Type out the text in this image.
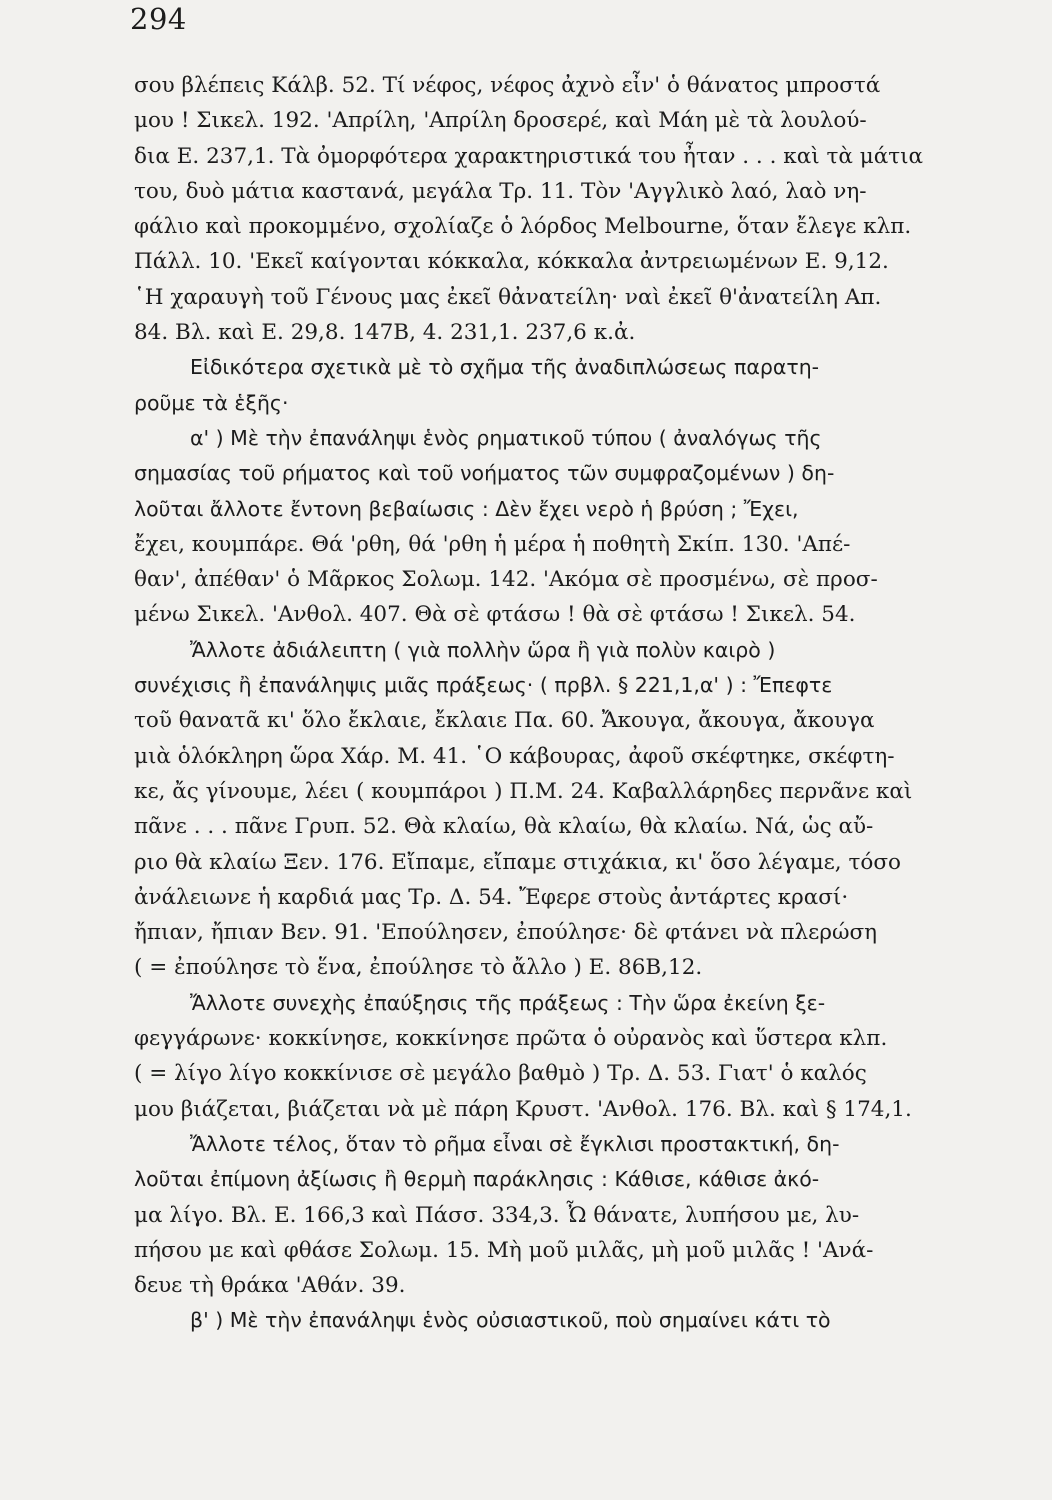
294
σου βλέπεις Κάλβ. 52. Τί νέφος, νέφος ἀχνὸ εἶν' ὁ θάνατος μπροστά
μου ! Σικελ. 192. 'Απρίλη, 'Απρίλη δροσερέ, καὶ Μάη μὲ τὰ λουλού-
δια Ε. 237,1. Τὰ ὀμορφότερα χαρακτηριστικά του ἦταν . . . καὶ τὰ μάτια
του, δυὸ μάτια καστανά, μεγάλα Τρ. 11. Τὸν 'Αγγλικὸ λαό, λαὸ νη-
φάλιο καὶ προκομμένο, σχολίαζε ὁ λόρδος Melbourne, ὅταν ἔλεγε κλπ.
Πάλλ. 10. 'Εκεῖ καίγονται κόκκαλα, κόκκαλα ἀντρειωμένων Ε. 9,12.
῾Η χαραυγὴ τοῦ Γένους μας ἐκεῖ θἀνατείλη· ναὶ ἐκεῖ θ'ἀνατείλη Απ.
84. Βλ. καὶ Ε. 29,8. 147Β, 4. 231,1. 237,6 κ.ἀ.
Εἰδικότερα σχετικὰ μὲ τὸ σχῆμα τῆς ἀναδιπλώσεως παρατη-
ροῦμε τὰ ἑξῆς·
α' ) Μὲ τὴν ἐπανάληψι ἑνὸς ρηματικοῦ τύπου ( ἀναλόγως τῆς
σημασίας τοῦ ρήματος καὶ τοῦ νοήματος τῶν συμφραζομένων ) δη-
λοῦται ἄλλοτε ἔντονη βεβαίωσις : Δὲν ἔχει νερὸ ἡ βρύση ; Ἔχει,
ἔχει, κουμπάρε. Θά 'ρθη, θά 'ρθη ἡ μέρα ἡ ποθητὴ Σκίπ. 130. 'Απέ-
θαν', ἀπέθαν' ὁ Μᾶρκος Σολωμ. 142. 'Ακόμα σὲ προσμένω, σὲ προσ-
μένω Σικελ. 'Ανθολ. 407. Θὰ σὲ φτάσω ! θὰ σὲ φτάσω ! Σικελ. 54.
Ἄλλοτε ἀδιάλειπτη ( γιὰ πολλὴν ὥρα ἢ γιὰ πολὺν καιρὸ )
συνέχισις ἢ ἐπανάληψις μιᾶς πράξεως· ( πρβλ. § 221,1,α' ) : Ἔπεφτε
τοῦ θανατᾶ κι' ὅλο ἔκλαιε, ἔκλαιε Πα. 60. Ἄκουγα, ἄκουγα, ἄκουγα
μιὰ ὁλόκληρη ὥρα Χάρ. Μ. 41. ῾Ο κάβουρας, ἀφοῦ σκέφτηκε, σκέφτη-
κε, ἄς γίνουμε, λέει ( κουμπάροι ) Π.Μ. 24. Καβαλλάρηδες περνᾶνε καὶ
πᾶνε . . . πᾶνε Γρυπ. 52. Θὰ κλαίω, θὰ κλαίω, θὰ κλαίω. Νά, ὡς αὔ-
ριο θὰ κλαίω Ξεν. 176. Εἴπαμε, εἴπαμε στιχάκια, κι' ὅσο λέγαμε, τόσο
ἀνάλειωνε ἡ καρδιά μας Τρ. Δ. 54. Ἔφερε στοὺς ἀντάρτες κρασί·
ἤπιαν, ἤπιαν Βεν. 91. 'Επούλησεν, ἐπούλησε· δὲ φτάνει νὰ πλερώση
( = ἐπούλησε τὸ ἕνα, ἐπούλησε τὸ ἄλλο ) Ε. 86Β,12.
Ἄλλοτε συνεχὴς ἐπαύξησις τῆς πράξεως : Τὴν ὥρα ἐκείνη ξε-
φεγγάρωνε· κοκκίνησε, κοκκίνησε πρῶτα ὁ οὐρανὸς καὶ ὕστερα κλπ.
( = λίγο λίγο κοκκίνισε σὲ μεγάλο βαθμὸ ) Τρ. Δ. 53. Γιατ' ὁ καλός
μου βιάζεται, βιάζεται νὰ μὲ πάρη Κρυστ. 'Ανθολ. 176. Βλ. καὶ § 174,1.
Ἄλλοτε τέλος, ὅταν τὸ ρῆμα εἶναι σὲ ἔγκλισι προστακτική, δη-
λοῦται ἐπίμονη ἀξίωσις ἢ θερμὴ παράκλησις : Κάθισε, κάθισε ἀκό-
μα λίγο. Βλ. Ε. 166,3 καὶ Πάσσ. 334,3. Ὦ θάνατε, λυπήσου με, λυ-
πήσου με καὶ φθάσε Σολωμ. 15. Μὴ μοῦ μιλᾶς, μὴ μοῦ μιλᾶς ! 'Ανά-
δευε τὴ θράκα 'Αθάν. 39.
β' ) Μὲ τὴν ἐπανάληψι ἑνὸς οὐσιαστικοῦ, ποὺ σημαίνει κάτι τὸ
